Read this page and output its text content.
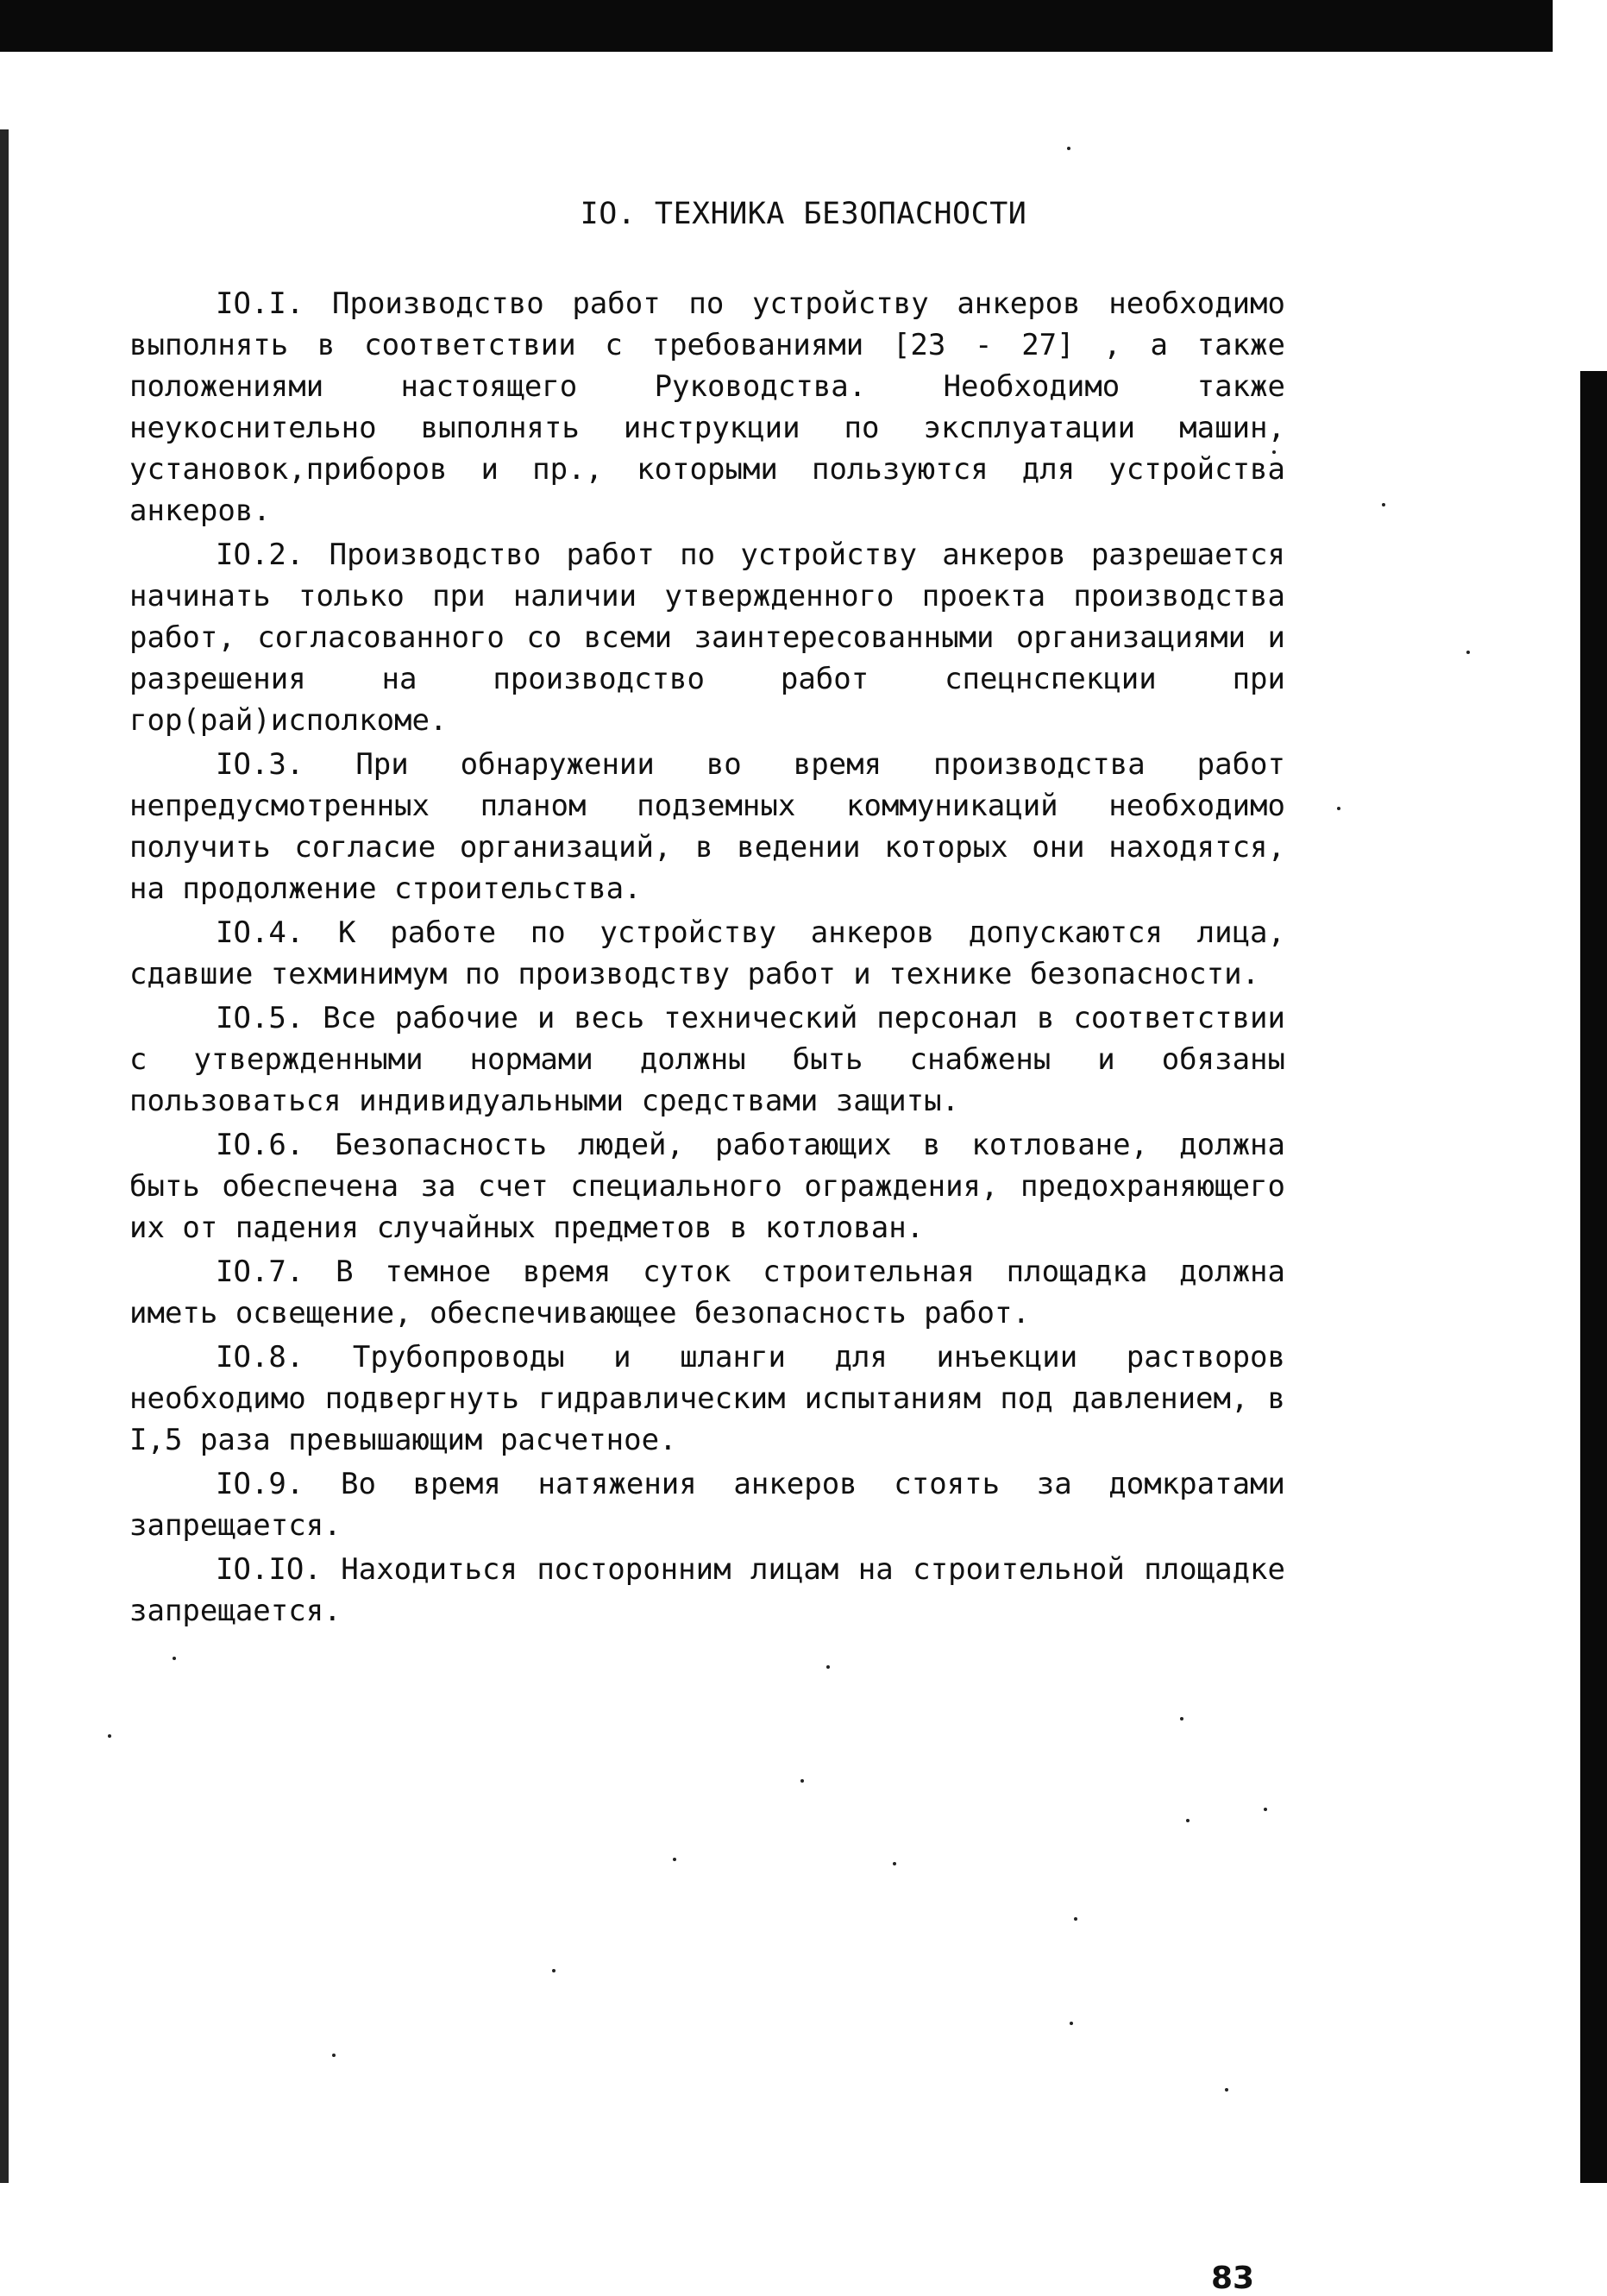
IO. ТЕХНИКА БЕЗОПАСНОСТИ

IO.I. Производство работ по устройству анкеров необходимо выполнять в соответствии с требованиями [23 - 27] , а также положениями настоящего Руководства. Необходимо также неукоснительно выполнять инструкции по эксплуатации машин, установок,приборов и пр., которыми пользуются для устройства анкеров.

IO.2. Производство работ по устройству анкеров разрешается начинать только при наличии утвержденного проекта производства работ, согласованного со всеми заинтересованными организациями и разрешения на производство работ спецнспекции при гор(рай)исполкоме.

IO.3. При обнаружении во время производства работ непредусмотренных планом подземных коммуникаций необходимо получить согласие организаций, в ведении которых они находятся, на продолжение строительства.

IO.4. К работе по устройству анкеров допускаются лица, сдавшие техминимум по производству работ и технике безопасности.

IO.5. Все рабочие и весь технический персонал в соответствии с утвержденными нормами должны быть снабжены и обязаны пользоваться индивидуальными средствами защиты.

IO.6. Безопасность людей, работающих в котловане, должна быть обеспечена за счет специального ограждения, предохраняющего их от падения случайных предметов в котлован.

IO.7. В темное время суток строительная площадка должна иметь освещение, обеспечивающее безопасность работ.

IO.8. Трубопроводы и шланги для инъекции растворов необходимо подвергнуть гидравлическим испытаниям под давлением, в I,5 раза превышающим расчетное.

IO.9. Во время натяжения анкеров стоять за домкратами запрещается.

IO.IO. Находиться посторонним лицам на строительной площадке запрещается.

83
